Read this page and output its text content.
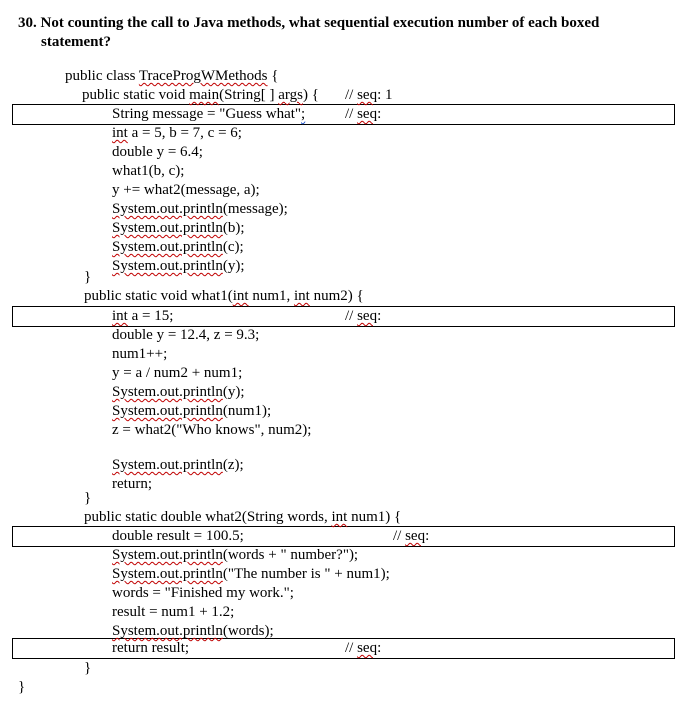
30. Not counting the call to Java methods, what sequential execution number of each boxed
statement?
public class TraceProgWMethods {
public static void main(String[ ] args) { // seq: 1
String message = "Guess what";	// seq:
int a = 5, b = 7, c = 6;
double y = 6.4;
what1(b, c);
y += what2(message, a);
System.out.println(message);
System.out.println(b);
System.out.println(c);
System.out.println(y);
}
public static void what1(int num1, int num2) {
int a = 15;	// seq:
double y = 12.4, z = 9.3;
num1++;
y = a / num2 + num1;
System.out.println(y);
System.out.println(num1);
z = what2("Who knows", num2);
System.out.println(z);
return;
}
public static double what2(String words, int num1) {
double result = 100.5;	// seq:
System.out.println(words + " number?");
System.out.println("The number is " + num1);
words = "Finished my work.";
result = num1 + 1.2;
System.out.println(words);
return result;	// seq:
}
}
